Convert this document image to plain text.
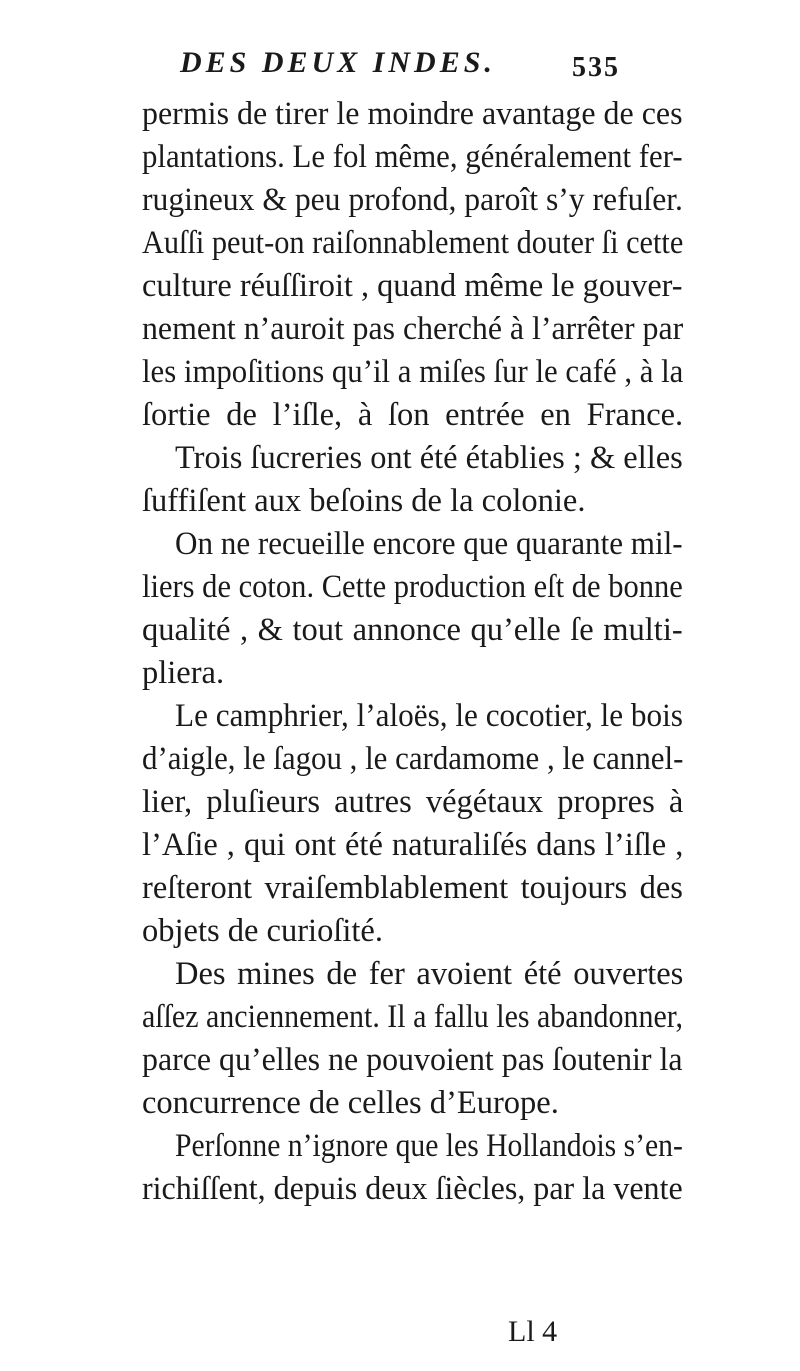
DES DEUX INDES.	535
permis de tirer le moindre avantage de ces
plantations. Le fol même, généralement fer-
rugineux & peu profond, paroît s’y refuſer.
Auſſi peut-on raiſonnablement douter ſi cette
culture réuſſiroit , quand même le gouver-
nement n’auroit pas cherché à l’arrêter par
les impoſitions qu’il a miſes ſur le café , à la
ſortie de l’iſle, à ſon entrée en France.
Trois ſucreries ont été établies ; & elles
ſuffiſent aux beſoins de la colonie.
On ne recueille encore que quarante mil-
liers de coton. Cette production eſt de bonne
qualité , & tout annonce qu’elle ſe multi-
pliera.
Le camphrier, l’aloës, le cocotier, le bois
d’aigle, le ſagou , le cardamome , le cannel-
lier, pluſieurs autres végétaux propres à
l’Aſie , qui ont été naturaliſés dans l’iſle ,
reſteront vraiſemblablement toujours des
objets de curioſité.
Des mines de fer avoient été ouvertes
aſſez anciennement. Il a fallu les abandonner,
parce qu’elles ne pouvoient pas ſoutenir la
concurrence de celles d’Europe.
Perſonne n’ignore que les Hollandois s’en-
richiſſent, depuis deux ſiècles, par la vente
Ll 4
